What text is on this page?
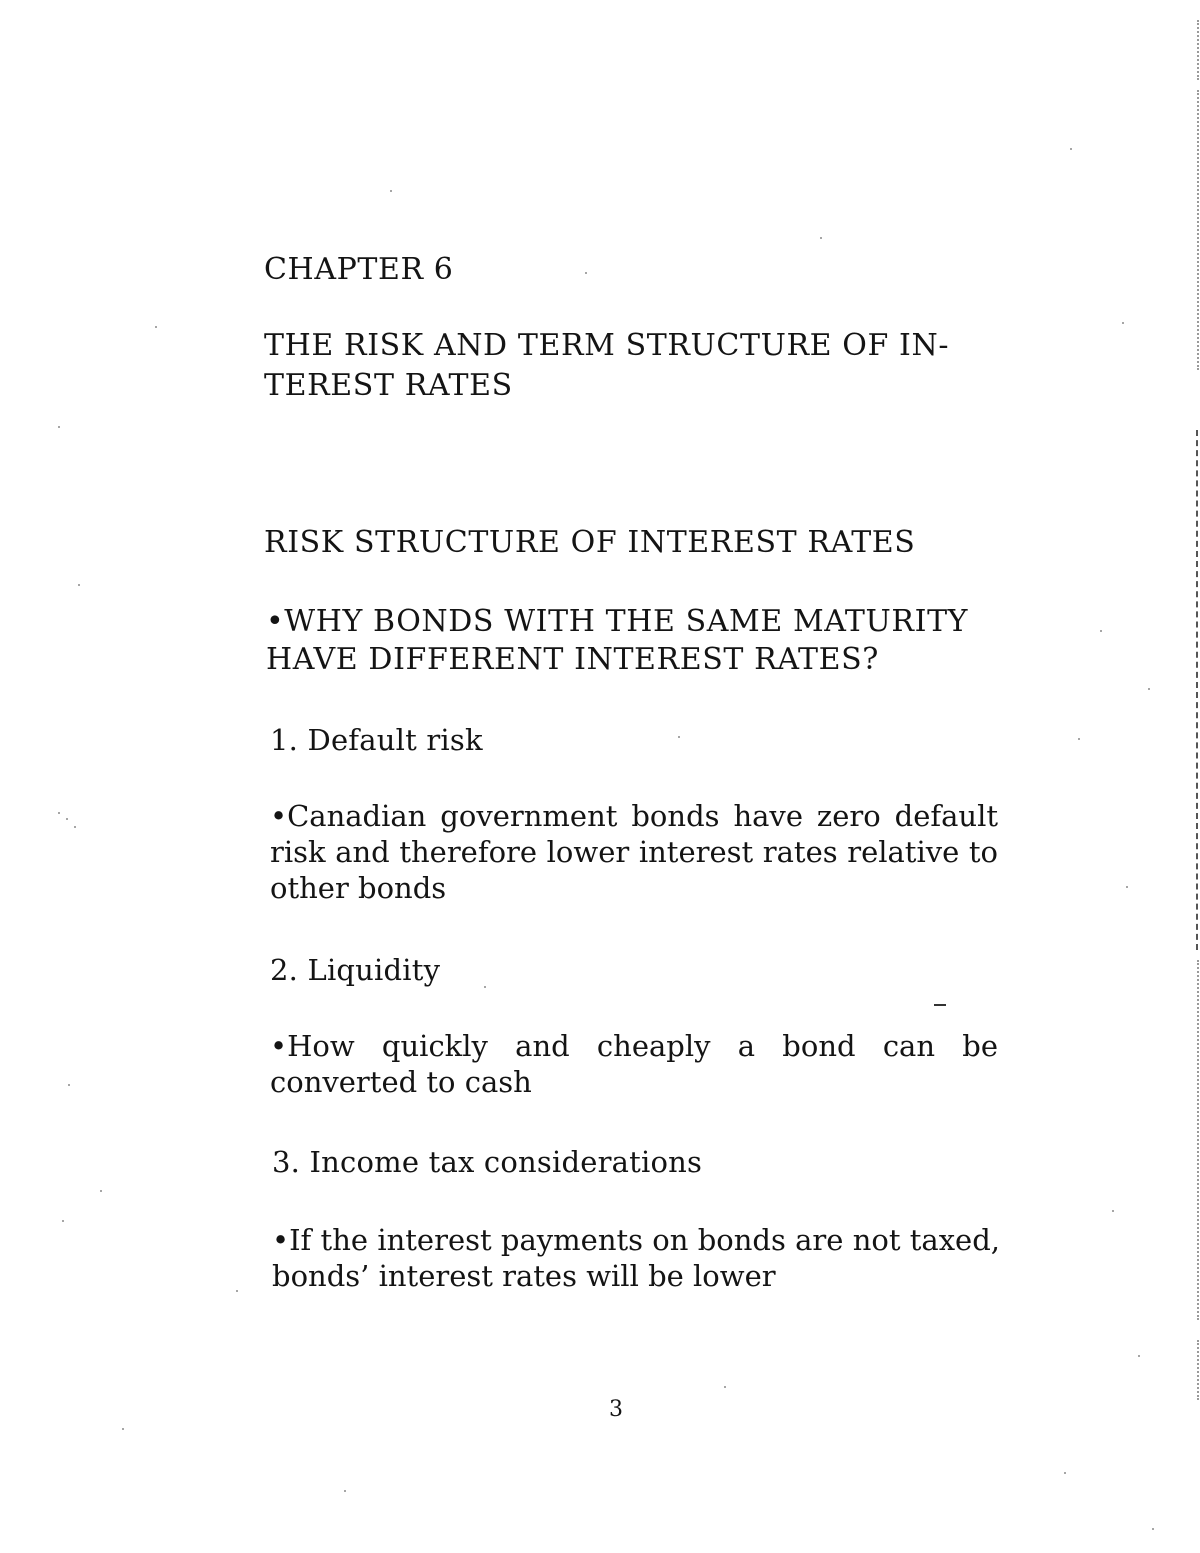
CHAPTER 6

THE RISK AND TERM STRUCTURE OF IN-

TEREST RATES

RISK STRUCTURE OF INTEREST RATES

•WHY BONDS WITH THE SAME MATURITY

HAVE DIFFERENT INTEREST RATES?

1. Default risk

•Canadian government bonds have zero default risk and therefore lower interest rates relative to other bonds

2. Liquidity

•How quickly and cheaply a bond can be converted to cash

3. Income tax considerations

•If the interest payments on bonds are not taxed, bonds’ interest rates will be lower

3
